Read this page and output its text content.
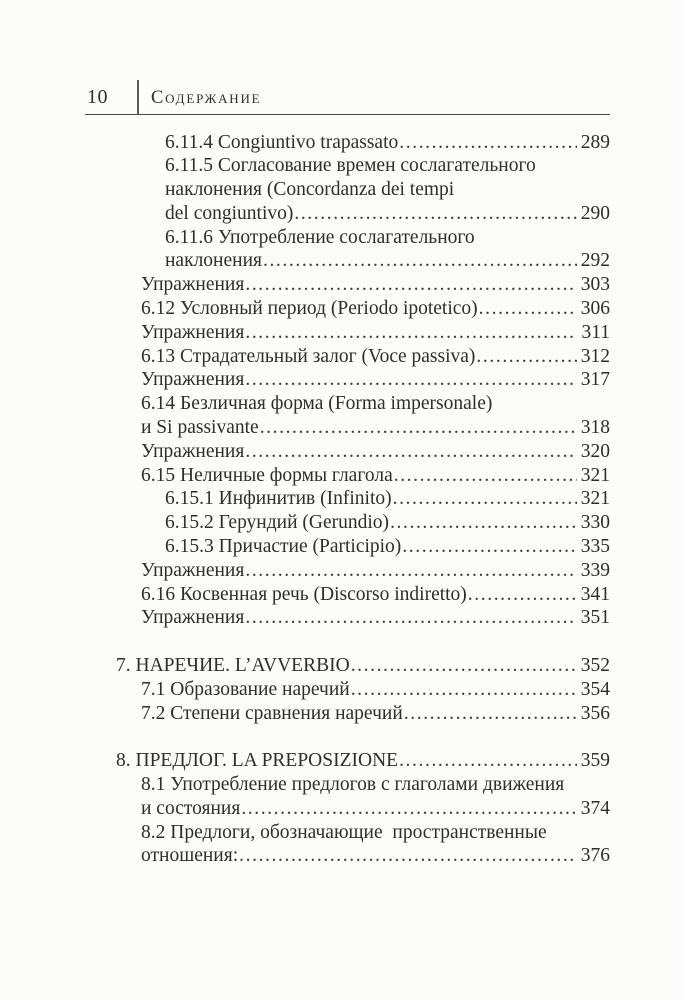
10 Содержание
6.11.4 Congiuntivo trapassato .....	289
6.11.5 Согласование времен сослагательного
наклонения (Concordanza dei tempi
del congiuntivo) .....	290
6.11.6 Употребление сослагательного
наклонения .....	292
Упражнения .....	303
6.12 Условный период (Periodo ipotetico) .....	306
Упражнения .....	311
6.13 Страдательный залог (Voce passiva) .....	312
Упражнения .....	317
6.14 Безличная форма (Forma impersonale)
и Si passivante .....	318
Упражнения .....	320
6.15 Неличные формы глагола .....	321
6.15.1 Инфинитив (Infinito) .....	321
6.15.2 Герундий (Gerundio) .....	330
6.15.3 Причастие (Participio) .....	335
Упражнения .....	339
6.16 Косвенная речь (Discorso indiretto) .....	341
Упражнения .....	351
7. НАРЕЧИЕ. L’AVVERBIO .....	352
7.1 Образование наречий .....	354
7.2 Степени сравнения наречий .....	356
8. ПРЕДЛОГ. LA PREPOSIZIONE .....	359
8.1 Употребление предлогов с глаголами движения
и состояния .....	374
8.2 Предлоги, обозначающие  пространственные
отношения: .....	376
